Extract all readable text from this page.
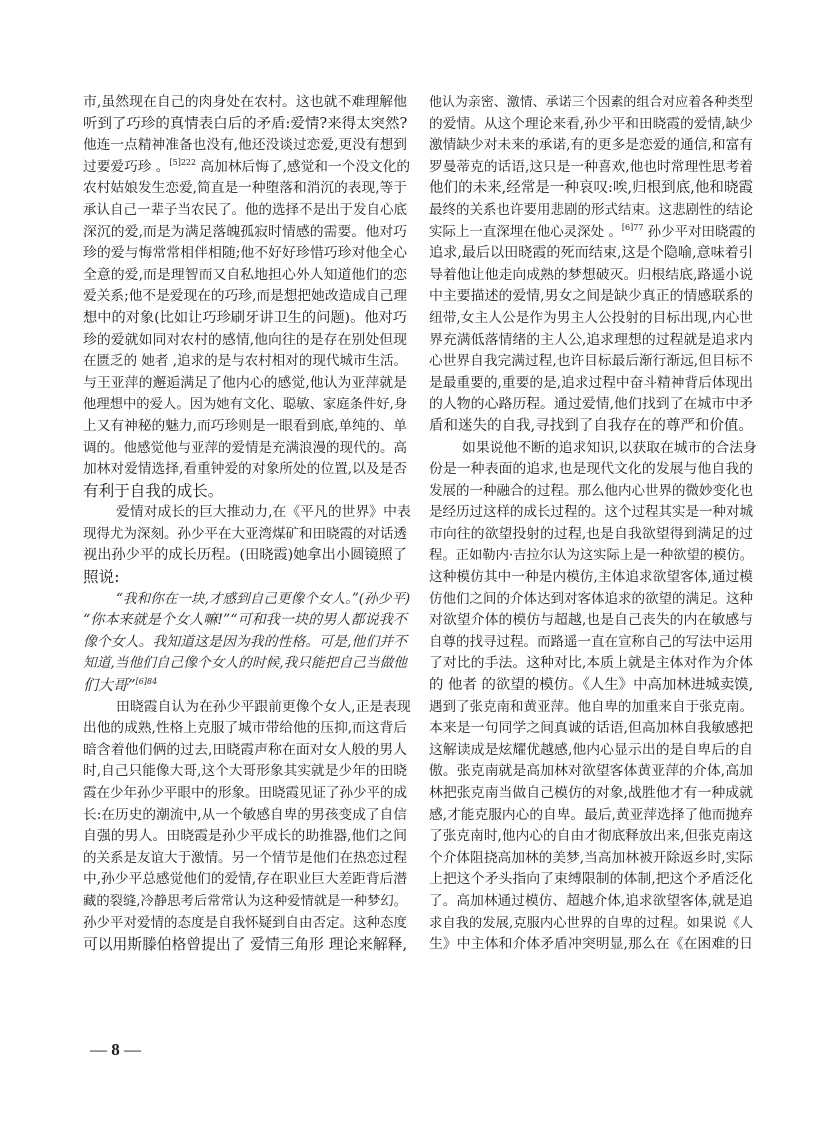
市,虽然现在自己的肉身处在农村。这也就不难理解他
听到了巧珍的真情表白后的矛盾:爱情?来得太突然?
他连一点精神准备也没有,他还没谈过恋爱,更没有想到
过要爱巧珍 。$^{[5]222}$ 高加林后悔了,感觉和一个没文化的
农村姑娘发生恋爱,简直是一种堕落和消沉的表现,等于
承认自己一辈子当农民了。他的选择不是出于发自心底
深沉的爱,而是为满足落魄孤寂时情感的需要。他对巧
珍的爱与悔常常相伴相随;他不好好珍惜巧珍对他全心
全意的爱,而是理智而又自私地担心外人知道他们的恋
爱关系;他不是爱现在的巧珍,而是想把她改造成自己理
想中的对象(比如让巧珍刷牙讲卫生的问题)。他对巧
珍的爱就如同对农村的感情,他向往的是存在别处但现
在匮乏的 她者 ,追求的是与农村相对的现代城市生活。
与王亚萍的邂逅满足了他内心的感觉,他认为亚萍就是
他理想中的爱人。因为她有文化、聪敏、家庭条件好,身
上又有神秘的魅力,而巧珍则是一眼看到底,单纯的、单
调的。他感觉他与亚萍的爱情是充满浪漫的现代的。高
加林对爱情选择,看重钟爱的对象所处的位置,以及是否
有利于自我的成长。
爱情对成长的巨大推动力,在《平凡的世界》中表
现得尤为深刻。孙少平在大亚湾煤矿和田晓霞的对话透
视出孙少平的成长历程。(田晓霞)她拿出小圆镜照了
照说:
“我和你在一块,才感到自己更像个女人。”(孙少平)
“你本来就是个女人嘛!”“可和我一块的男人都说我不
像个女人。我知道这是因为我的性格。可是,他们并不
知道,当他们自己像个女人的时候,我只能把自己当做他
们大哥”$^{[6]84}$
田晓霞自认为在孙少平跟前更像个女人,正是表现
出他的成熟,性格上克服了城市带给他的压抑,而这背后
暗含着他们俩的过去,田晓霞声称在面对女人般的男人
时,自己只能像大哥,这个大哥形象其实就是少年的田晓
霞在少年孙少平眼中的形象。田晓霞见证了孙少平的成
长:在历史的潮流中,从一个敏感自卑的男孩变成了自信
自强的男人。田晓霞是孙少平成长的助推器,他们之间
的关系是友谊大于激情。另一个情节是他们在热恋过程
中,孙少平总感觉他们的爱情,存在职业巨大差距背后潜
藏的裂缝,冷静思考后常常认为这种爱情就是一种梦幻。
孙少平对爱情的态度是自我怀疑到自由否定。这种态度
可以用斯滕伯格曾提出了 爱情三角形 理论来解释,
他认为亲密、激情、承诺三个因素的组合对应着各种类型
的爱情。从这个理论来看,孙少平和田晓霞的爱情,缺少
激情缺少对未来的承诺,有的更多是恋爱的通信,和富有
罗曼蒂克的话语,这只是一种喜欢,他也时常理性思考着
他们的未来,经常是一种哀叹:唉,归根到底,他和晓霞
最终的关系也许要用悲剧的形式结束。这悲剧性的结论
实际上一直深埋在他心灵深处 。$^{[6]77}$ 孙少平对田晓霞的
追求,最后以田晓霞的死而结束,这是个隐喻,意味着引
导着他让他走向成熟的梦想破灭。归根结底,路遥小说
中主要描述的爱情,男女之间是缺少真正的情感联系的
纽带,女主人公是作为男主人公投射的目标出现,内心世
界充满低落情绪的主人公,追求理想的过程就是追求内
心世界自我完满过程,也许目标最后渐行渐远,但目标不
是最重要的,重要的是,追求过程中奋斗精神背后体现出
的人物的心路历程。通过爱情,他们找到了在城市中矛
盾和迷失的自我,寻找到了自我存在的尊严和价值。
如果说他不断的追求知识,以获取在城市的合法身
份是一种表面的追求,也是现代文化的发展与他自我的
发展的一种融合的过程。那么他内心世界的微妙变化也
是经历过这样的成长过程的。这个过程其实是一种对城
市向往的欲望投射的过程,也是自我欲望得到满足的过
程。正如勒内·吉拉尔认为这实际上是一种欲望的模仿。
这种模仿其中一种是内模仿,主体追求欲望客体,通过模
仿他们之间的介体达到对客体追求的欲望的满足。这种
对欲望介体的模仿与超越,也是自己丧失的内在敏感与
自尊的找寻过程。而路遥一直在宣称自己的写法中运用
了对比的手法。这种对比,本质上就是主体对作为介体
的 他者 的欲望的模仿。《人生》中高加林进城卖馍,
遇到了张克南和黄亚萍。他自卑的加重来自于张克南。
本来是一句同学之间真诚的话语,但高加林自我敏感把
这解读成是炫耀优越感,他内心显示出的是自卑后的自
傲。张克南就是高加林对欲望客体黄亚萍的介体,高加
林把张克南当做自己模仿的对象,战胜他才有一种成就
感,才能克服内心的自卑。最后,黄亚萍选择了他而抛弃
了张克南时,他内心的自由才彻底释放出来,但张克南这
个介体阻挠高加林的美梦,当高加林被开除返乡时,实际
上把这个矛头指向了束缚限制的体制,把这个矛盾泛化
了。高加林通过模仿、超越介体,追求欲望客体,就是追
求自我的发展,克服内心世界的自卑的过程。如果说《人
生》中主体和介体矛盾冲突明显,那么在《在困难的日
— 8 —
